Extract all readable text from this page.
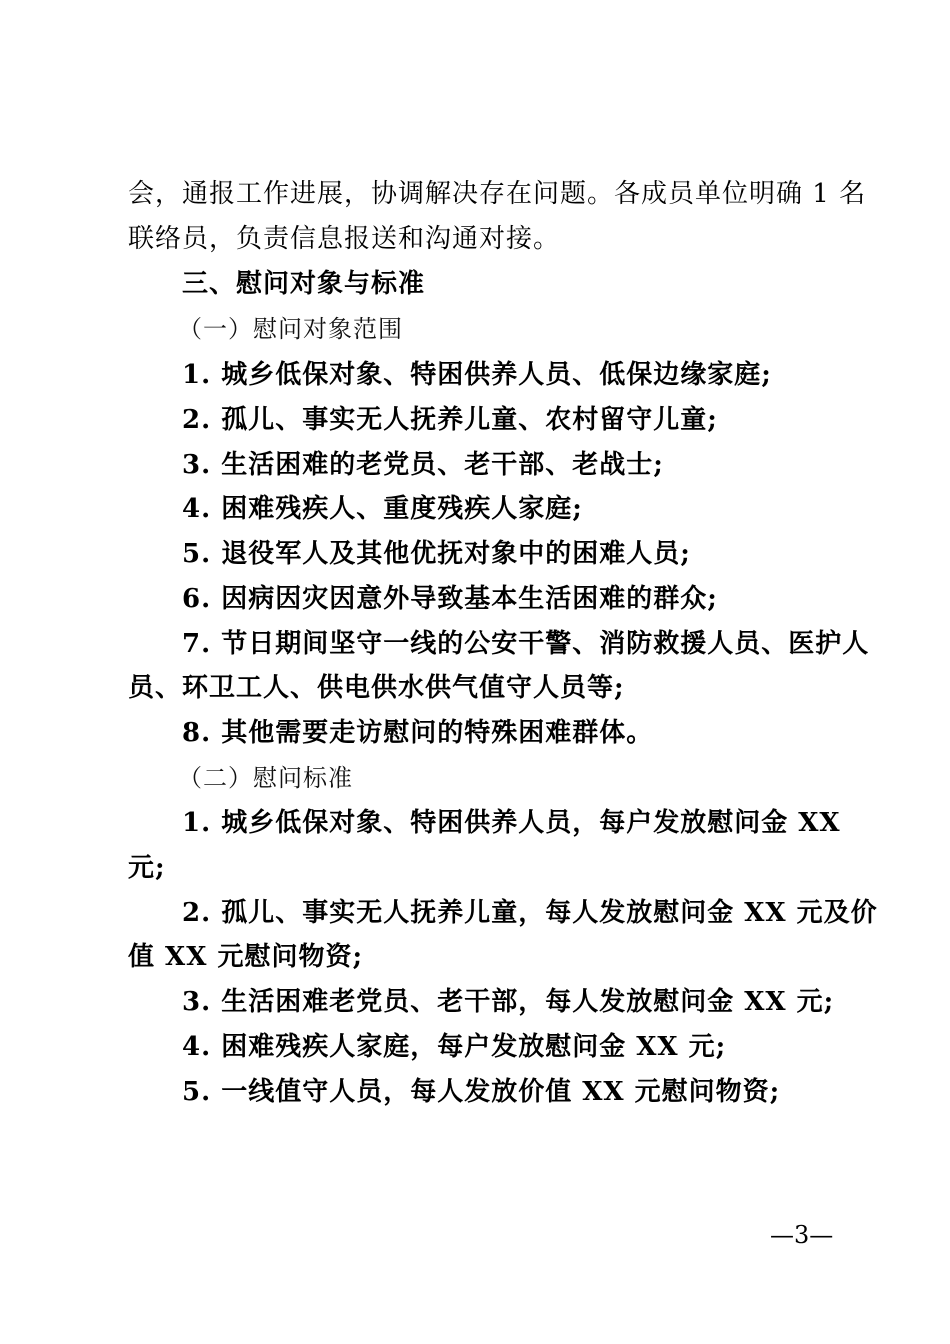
会，通报工作进展，协调解决存在问题。各成员单位明确 1 名
联络员，负责信息报送和沟通对接。
三、慰问对象与标准
（一）慰问对象范围
1. 城乡低保对象、特困供养人员、低保边缘家庭;
2. 孤儿、事实无人抚养儿童、农村留守儿童;
3. 生活困难的老党员、老干部、老战士;
4. 困难残疾人、重度残疾人家庭;
5. 退役军人及其他优抚对象中的困难人员;
6. 因病因灾因意外导致基本生活困难的群众;
7. 节日期间坚守一线的公安干警、消防救援人员、医护人
员、环卫工人、供电供水供气值守人员等;
8. 其他需要走访慰问的特殊困难群体。
（二）慰问标准
1. 城乡低保对象、特困供养人员，每户发放慰问金 XX
元;
2. 孤儿、事实无人抚养儿童，每人发放慰问金 XX 元及价
值 XX 元慰问物资;
3. 生活困难老党员、老干部，每人发放慰问金 XX 元;
4. 困难残疾人家庭，每户发放慰问金 XX 元;
5. 一线值守人员，每人发放价值 XX 元慰问物资;
—3—
